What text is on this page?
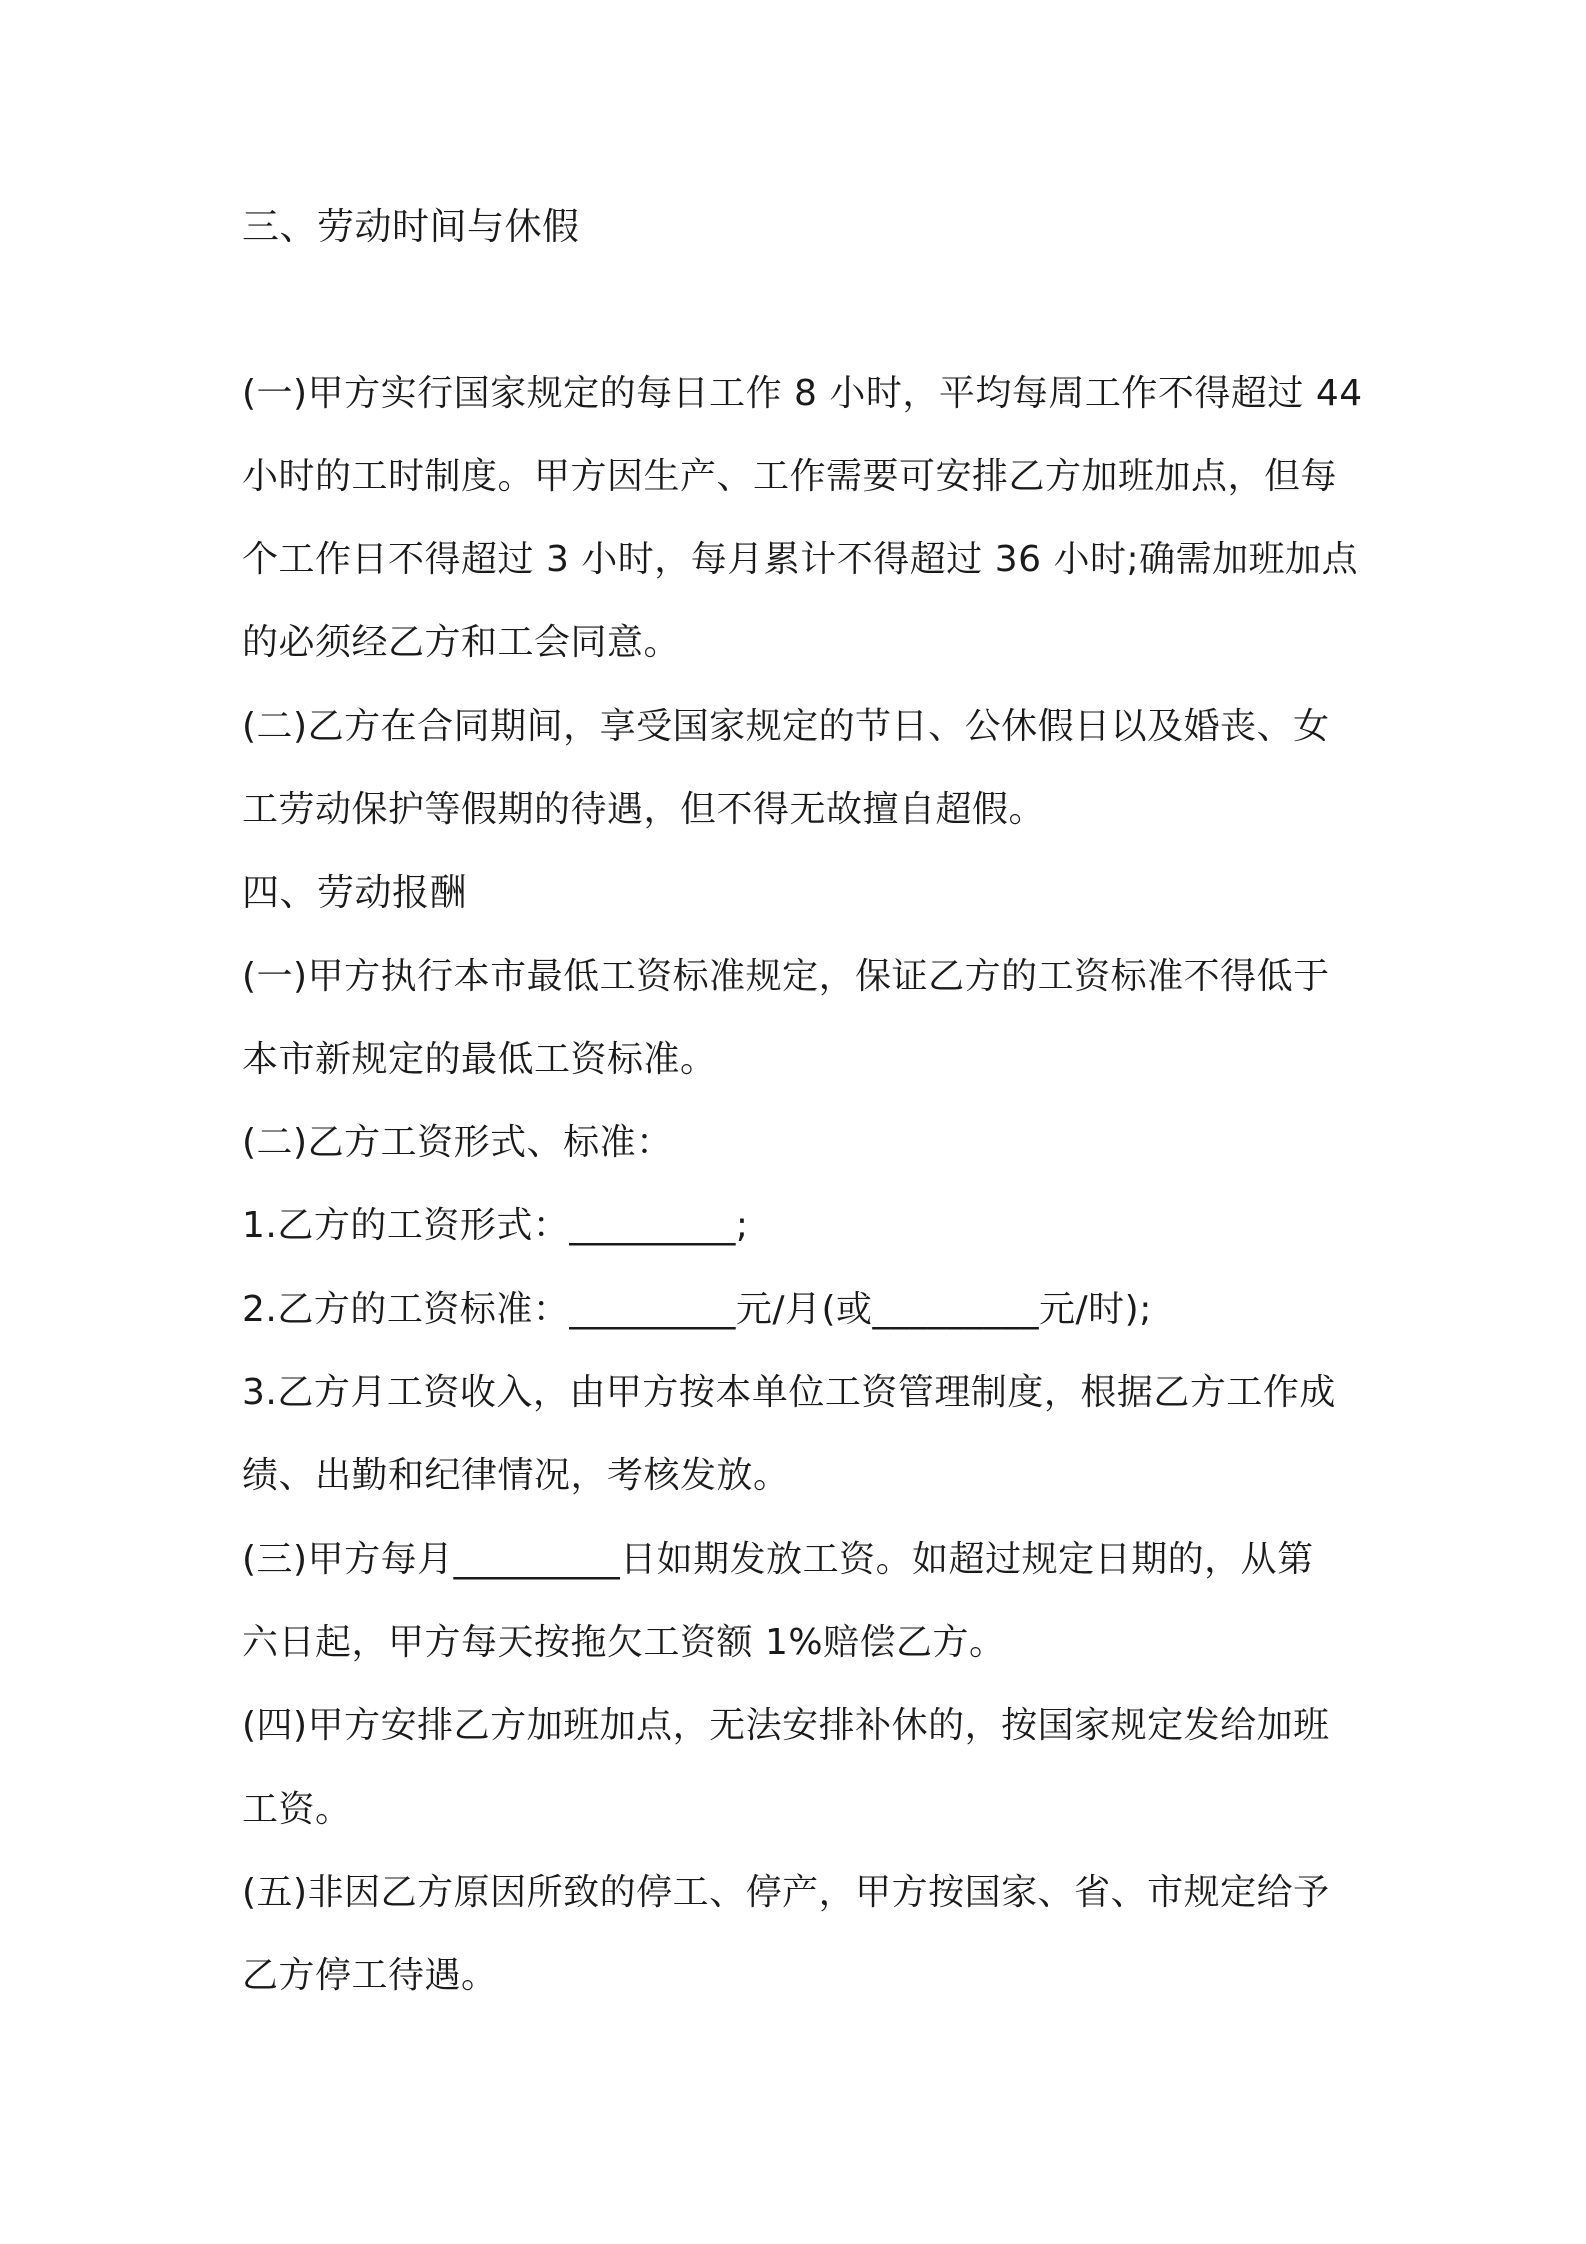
三、劳动时间与休假
(一)甲方实行国家规定的每日工作 8 小时，平均每周工作不得超过 44
小时的工时制度。甲方因生产、工作需要可安排乙方加班加点，但每
个工作日不得超过 3 小时，每月累计不得超过 36 小时;确需加班加点
的必须经乙方和工会同意。
(二)乙方在合同期间，享受国家规定的节日、公休假日以及婚丧、女
工劳动保护等假期的待遇，但不得无故擅自超假。
四、劳动报酬
(一)甲方执行本市最低工资标准规定，保证乙方的工资标准不得低于
本市新规定的最低工资标准。
(二)乙方工资形式、标准：
1.乙方的工资形式：_________;
2.乙方的工资标准：_________元/月(或_________元/时);
3.乙方月工资收入，由甲方按本单位工资管理制度，根据乙方工作成
绩、出勤和纪律情况，考核发放。
(三)甲方每月_________日如期发放工资。如超过规定日期的，从第
六日起，甲方每天按拖欠工资额 1%赔偿乙方。
(四)甲方安排乙方加班加点，无法安排补休的，按国家规定发给加班
工资。
(五)非因乙方原因所致的停工、停产，甲方按国家、省、市规定给予
乙方停工待遇。
